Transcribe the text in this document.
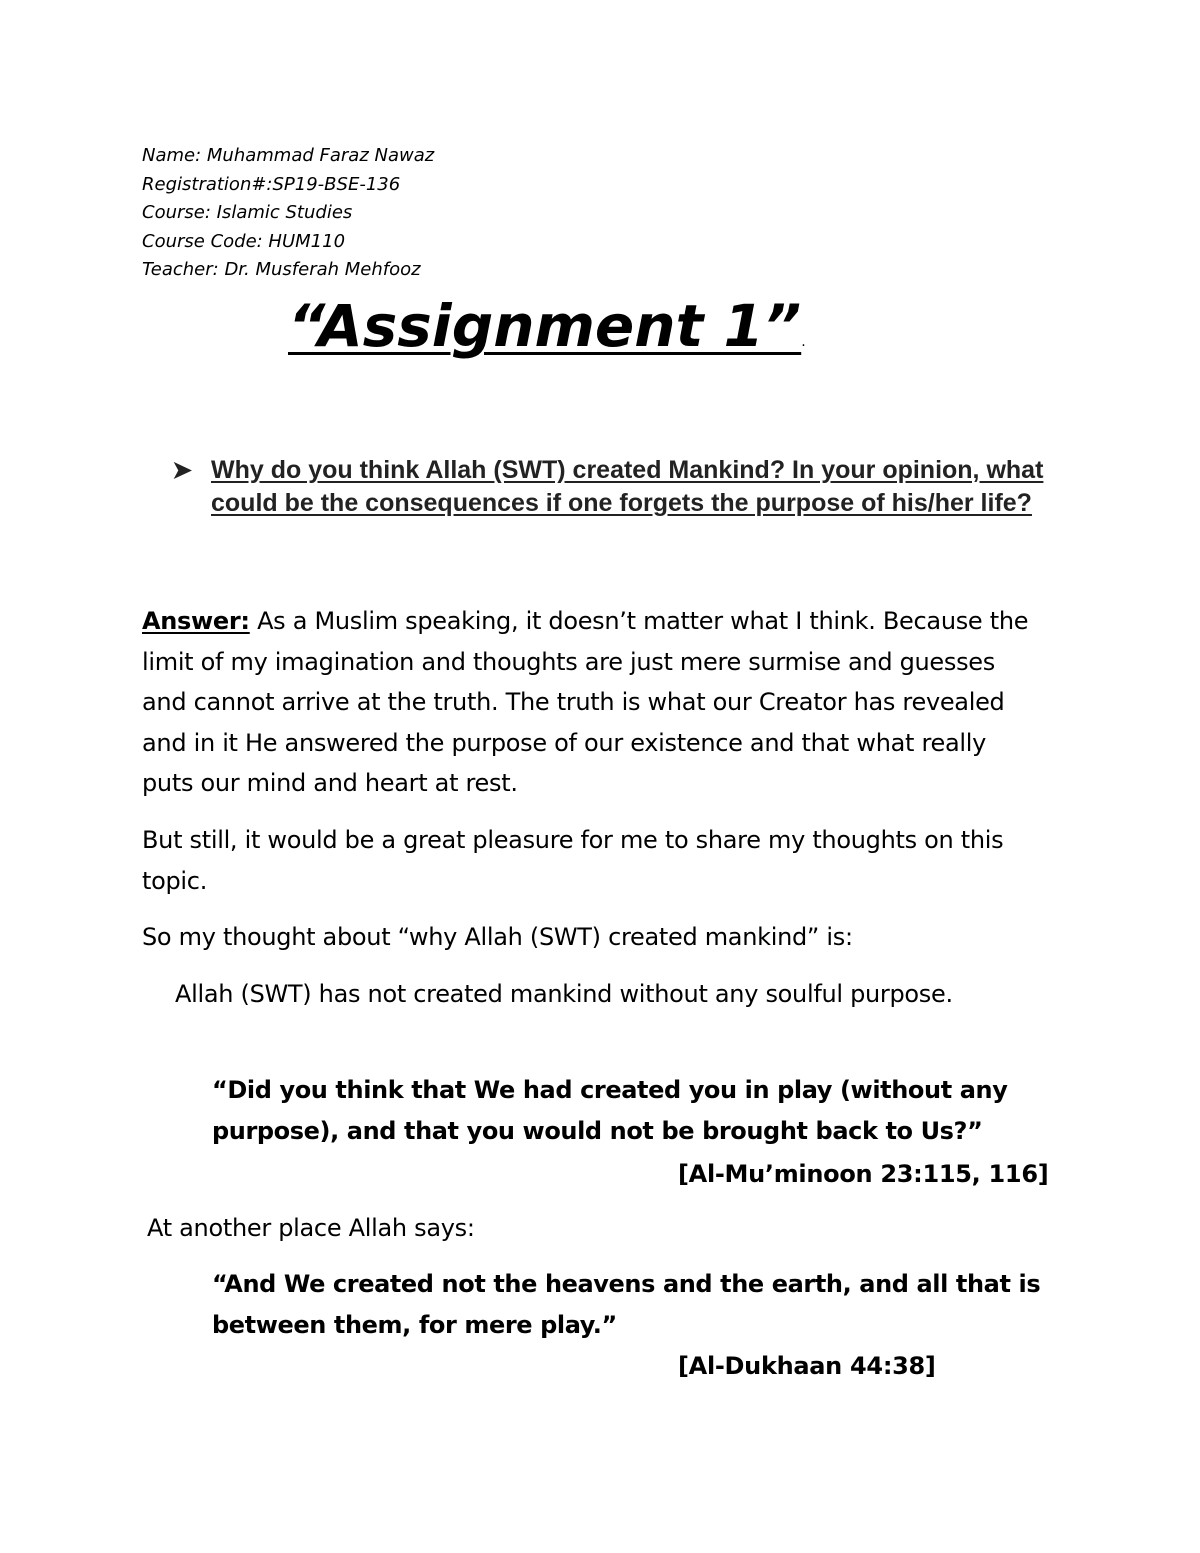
Name: Muhammad Faraz Nawaz
Registration#:SP19-BSE-136
Course: Islamic Studies
Course Code: HUM110
Teacher: Dr. Musferah Mehfooz
“Assignment 1”.
➤ Why do you think Allah (SWT) created Mankind? In your opinion, what could be the consequences if one forgets the purpose of his/her life?
Answer: As a Muslim speaking, it doesn’t matter what I think. Because the limit of my imagination and thoughts are just mere surmise and guesses and cannot arrive at the truth. The truth is what our Creator has revealed and in it He answered the purpose of our existence and that what really puts our mind and heart at rest.
But still, it would be a great pleasure for me to share my thoughts on this topic.
So my thought about “why Allah (SWT) created mankind” is:
Allah (SWT) has not created mankind without any soulful purpose.
“Did you think that We had created you in play (without any purpose), and that you would not be brought back to Us?”
[Al-Mu’minoon 23:115, 116]
At another place Allah says:
“And We created not the heavens and the earth, and all that is between them, for mere play.”
[Al-Dukhaan 44:38]
